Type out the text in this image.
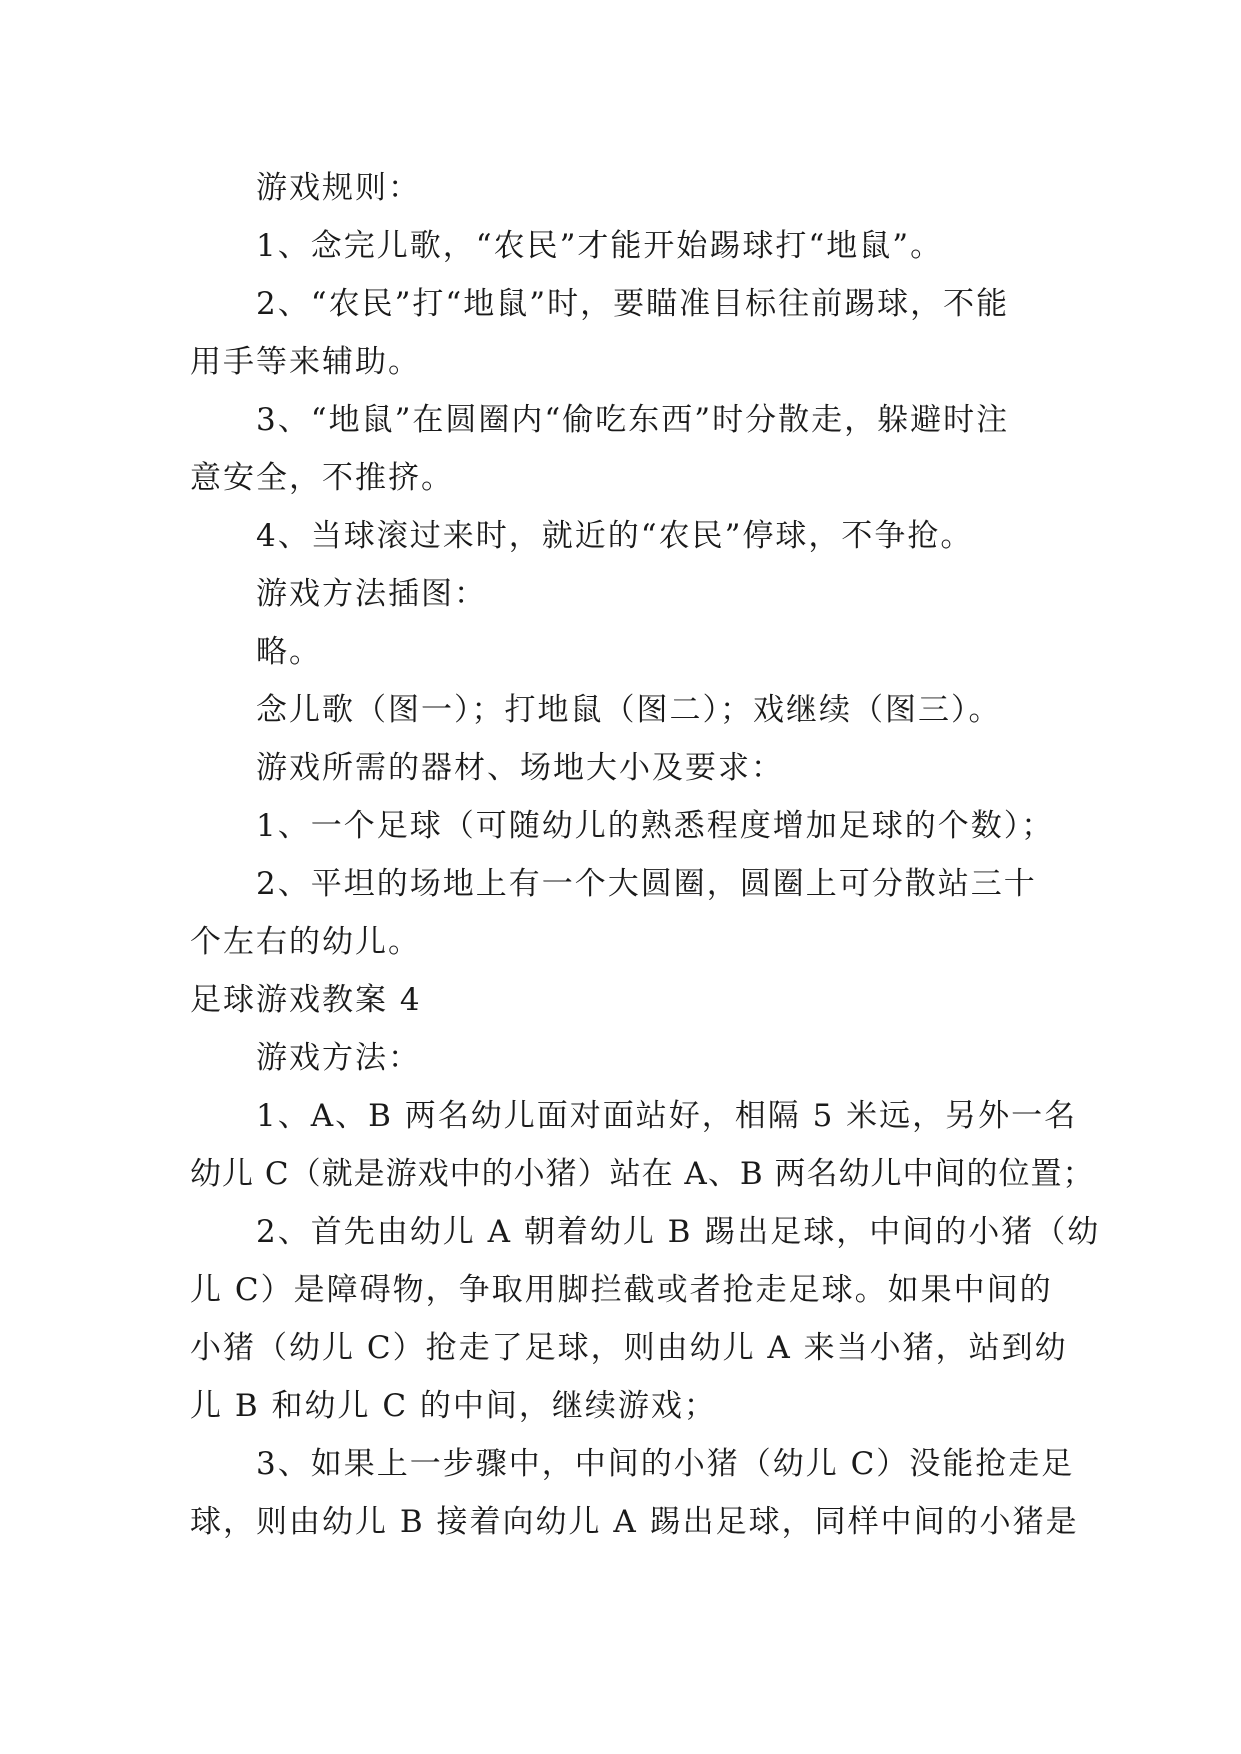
游戏规则：
1、念完儿歌，“农民”才能开始踢球打“地鼠”。
2、“农民”打“地鼠”时，要瞄准目标往前踢球，不能
用手等来辅助。
3、“地鼠”在圆圈内“偷吃东西”时分散走，躲避时注
意安全，不推挤。
4、当球滚过来时，就近的“农民”停球，不争抢。
游戏方法插图：
略。
念儿歌（图一）；打地鼠（图二）；戏继续（图三）。
游戏所需的器材、场地大小及要求：
1、一个足球（可随幼儿的熟悉程度增加足球的个数）；
2、平坦的场地上有一个大圆圈，圆圈上可分散站三十
个左右的幼儿。
足球游戏教案 4
游戏方法：
1、A、B 两名幼儿面对面站好，相隔 5 米远，另外一名
幼儿 C（就是游戏中的小猪）站在 A、B 两名幼儿中间的位置；
2、首先由幼儿 A 朝着幼儿 B 踢出足球，中间的小猪（幼
儿 C）是障碍物，争取用脚拦截或者抢走足球。如果中间的
小猪（幼儿 C）抢走了足球，则由幼儿 A 来当小猪，站到幼
儿 B 和幼儿 C 的中间，继续游戏；
3、如果上一步骤中，中间的小猪（幼儿 C）没能抢走足
球，则由幼儿 B 接着向幼儿 A 踢出足球，同样中间的小猪是
